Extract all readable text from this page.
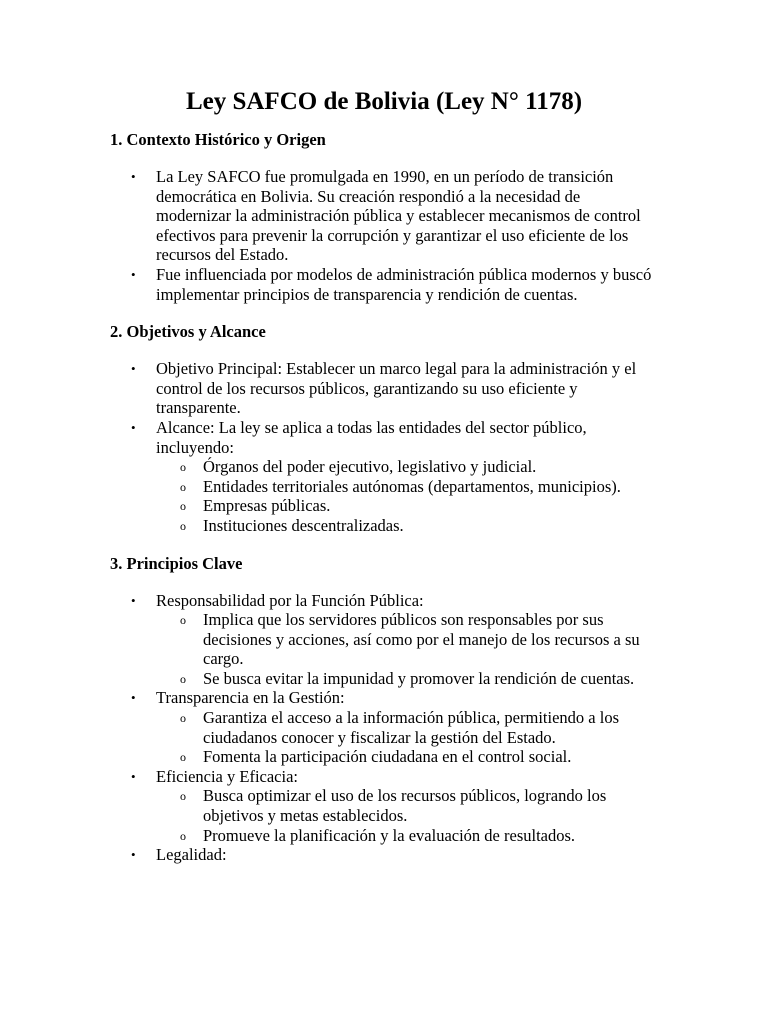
Ley SAFCO de Bolivia (Ley N° 1178)
1. Contexto Histórico y Origen
• La Ley SAFCO fue promulgada en 1990, en un período de transición democrática en Bolivia. Su creación respondió a la necesidad de modernizar la administración pública y establecer mecanismos de control efectivos para prevenir la corrupción y garantizar el uso eficiente de los recursos del Estado.
• Fue influenciada por modelos de administración pública modernos y buscó implementar principios de transparencia y rendición de cuentas.
2. Objetivos y Alcance
• Objetivo Principal: Establecer un marco legal para la administración y el control de los recursos públicos, garantizando su uso eficiente y transparente.
• Alcance: La ley se aplica a todas las entidades del sector público, incluyendo:
o Órganos del poder ejecutivo, legislativo y judicial.
o Entidades territoriales autónomas (departamentos, municipios).
o Empresas públicas.
o Instituciones descentralizadas.
3. Principios Clave
• Responsabilidad por la Función Pública:
o Implica que los servidores públicos son responsables por sus decisiones y acciones, así como por el manejo de los recursos a su cargo.
o Se busca evitar la impunidad y promover la rendición de cuentas.
• Transparencia en la Gestión:
o Garantiza el acceso a la información pública, permitiendo a los ciudadanos conocer y fiscalizar la gestión del Estado.
o Fomenta la participación ciudadana en el control social.
• Eficiencia y Eficacia:
o Busca optimizar el uso de los recursos públicos, logrando los objetivos y metas establecidos.
o Promueve la planificación y la evaluación de resultados.
• Legalidad:
